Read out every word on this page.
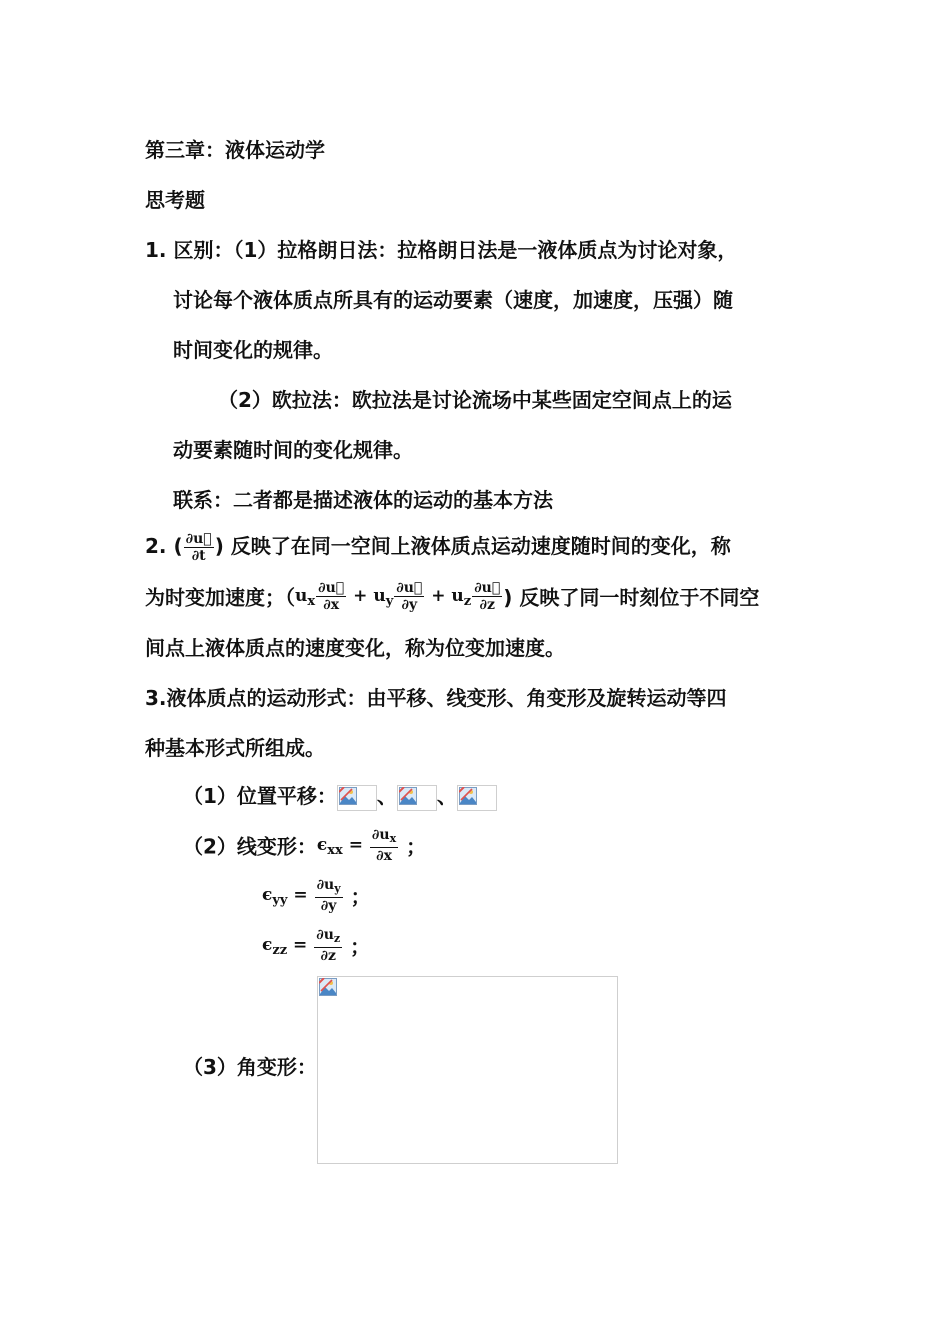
第三章：液体运动学
思考题
1. 区别：（1）拉格朗日法：拉格朗日法是一液体质点为讨论对象，
讨论每个液体质点所具有的运动要素（速度，加速度，压强）随
时间变化的规律。
（2）欧拉法：欧拉法是讨论流场中某些固定空间点上的运
动要素随时间的变化规律。
联系：二者都是描述液体的运动的基本方法
2. ( $\frac{\partial u⃗}{\partial t}$ ) 反映了在同一空间上液体质点运动速度随时间的变化，称
为时变加速度；（$u_x \frac{\partial u⃗}{\partial x} + u_y \frac{\partial u⃗}{\partial y} + u_z \frac{\partial u⃗}{\partial z}$ ) 反映了同一时刻位于不同空
间点上液体质点的速度变化，称为位变加速度。
3.液体质点的运动形式：由平移、线变形、角变形及旋转运动等四
种基本形式所组成。
（1）位置平移： 、 、
（2）线变形：$\epsilon_{xx} = \frac{\partial u_x}{\partial x}$ ；
$\epsilon_{yy} = \frac{\partial u_y}{\partial y}$ ；
$\epsilon_{zz} = \frac{\partial u_z}{\partial z}$ ；
（3）角变形：
